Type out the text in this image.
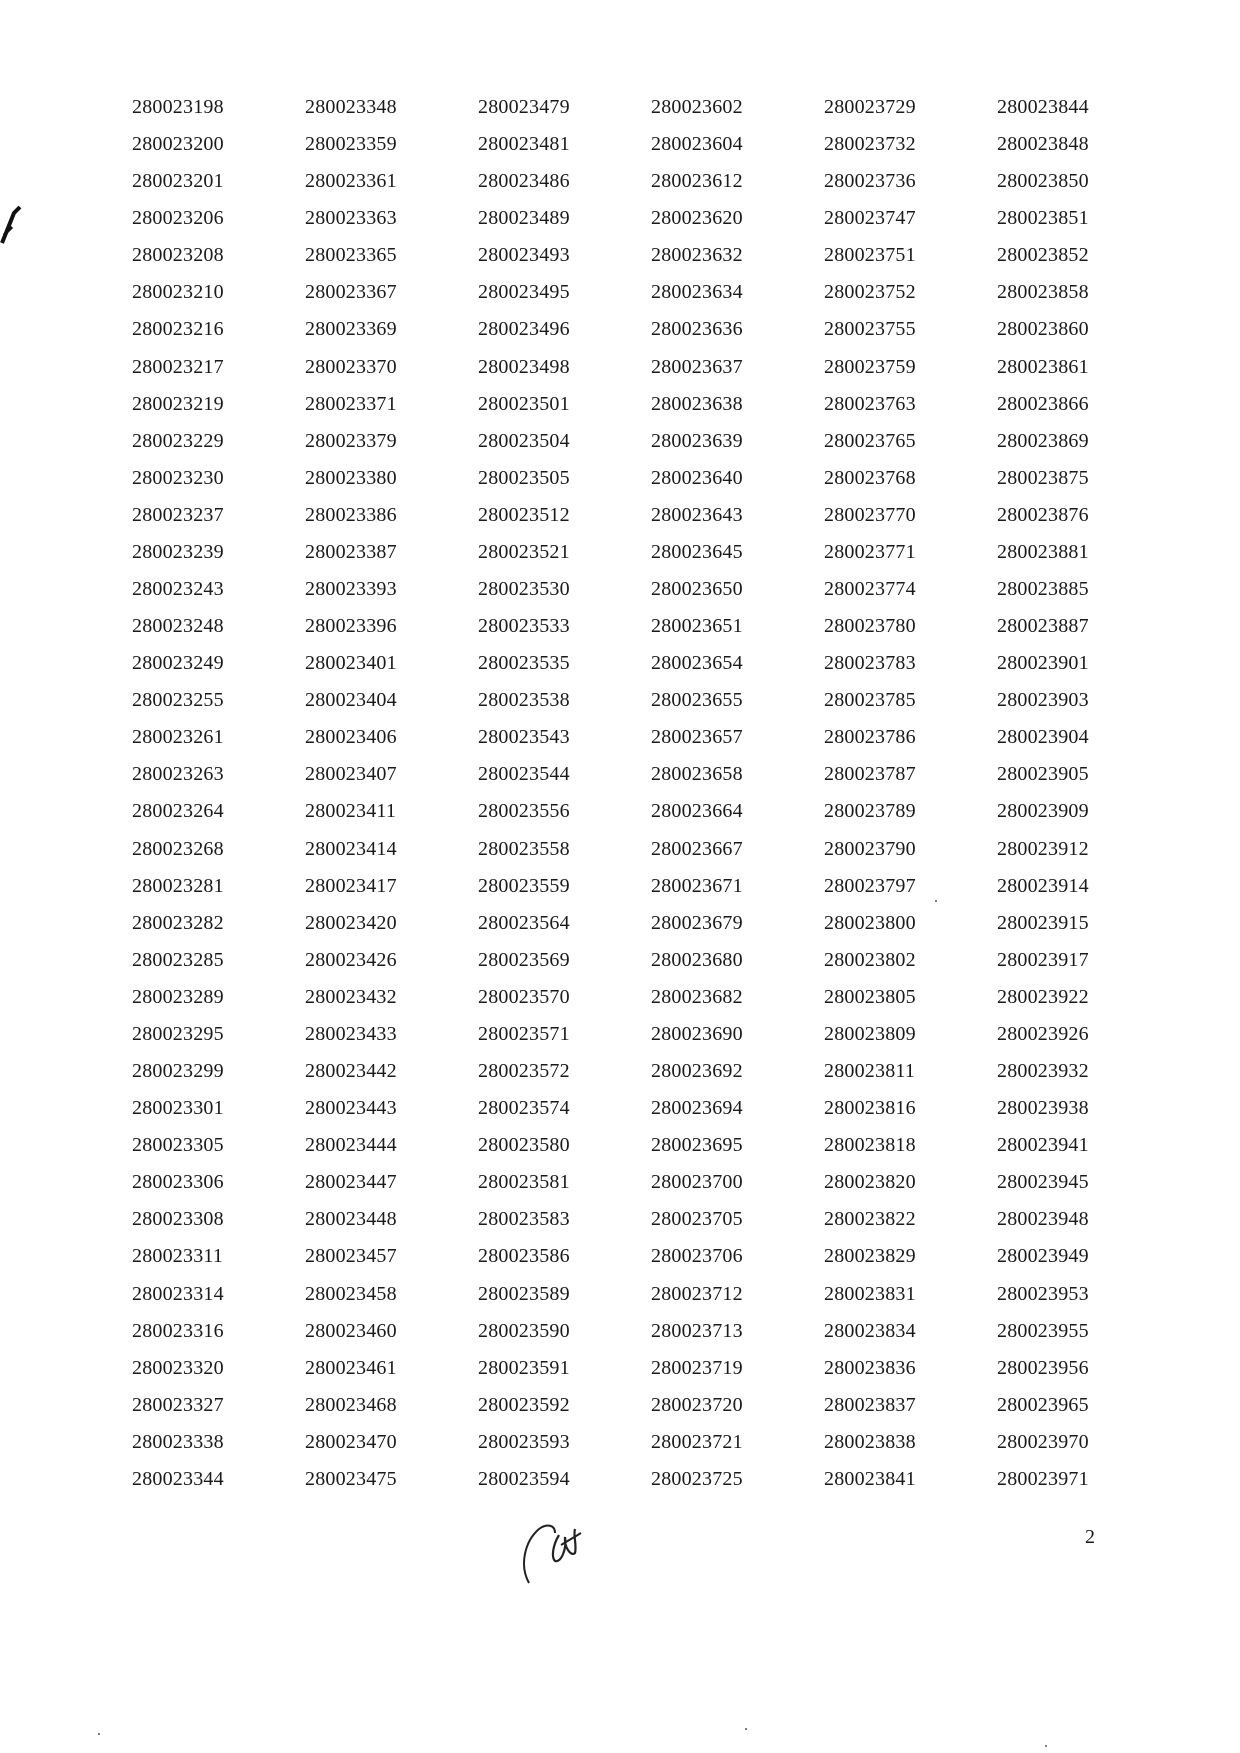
280023198
280023200
280023201
280023206
280023208
280023210
280023216
280023217
280023219
280023229
280023230
280023237
280023239
280023243
280023248
280023249
280023255
280023261
280023263
280023264
280023268
280023281
280023282
280023285
280023289
280023295
280023299
280023301
280023305
280023306
280023308
280023311
280023314
280023316
280023320
280023327
280023338
280023344
280023348
280023359
280023361
280023363
280023365
280023367
280023369
280023370
280023371
280023379
280023380
280023386
280023387
280023393
280023396
280023401
280023404
280023406
280023407
280023411
280023414
280023417
280023420
280023426
280023432
280023433
280023442
280023443
280023444
280023447
280023448
280023457
280023458
280023460
280023461
280023468
280023470
280023475
280023479
280023481
280023486
280023489
280023493
280023495
280023496
280023498
280023501
280023504
280023505
280023512
280023521
280023530
280023533
280023535
280023538
280023543
280023544
280023556
280023558
280023559
280023564
280023569
280023570
280023571
280023572
280023574
280023580
280023581
280023583
280023586
280023589
280023590
280023591
280023592
280023593
280023594
280023602
280023604
280023612
280023620
280023632
280023634
280023636
280023637
280023638
280023639
280023640
280023643
280023645
280023650
280023651
280023654
280023655
280023657
280023658
280023664
280023667
280023671
280023679
280023680
280023682
280023690
280023692
280023694
280023695
280023700
280023705
280023706
280023712
280023713
280023719
280023720
280023721
280023725
280023729
280023732
280023736
280023747
280023751
280023752
280023755
280023759
280023763
280023765
280023768
280023770
280023771
280023774
280023780
280023783
280023785
280023786
280023787
280023789
280023790
280023797
280023800
280023802
280023805
280023809
280023811
280023816
280023818
280023820
280023822
280023829
280023831
280023834
280023836
280023837
280023838
280023841
280023844
280023848
280023850
280023851
280023852
280023858
280023860
280023861
280023866
280023869
280023875
280023876
280023881
280023885
280023887
280023901
280023903
280023904
280023905
280023909
280023912
280023914
280023915
280023917
280023922
280023926
280023932
280023938
280023941
280023945
280023948
280023949
280023953
280023955
280023956
280023965
280023970
280023971
2
